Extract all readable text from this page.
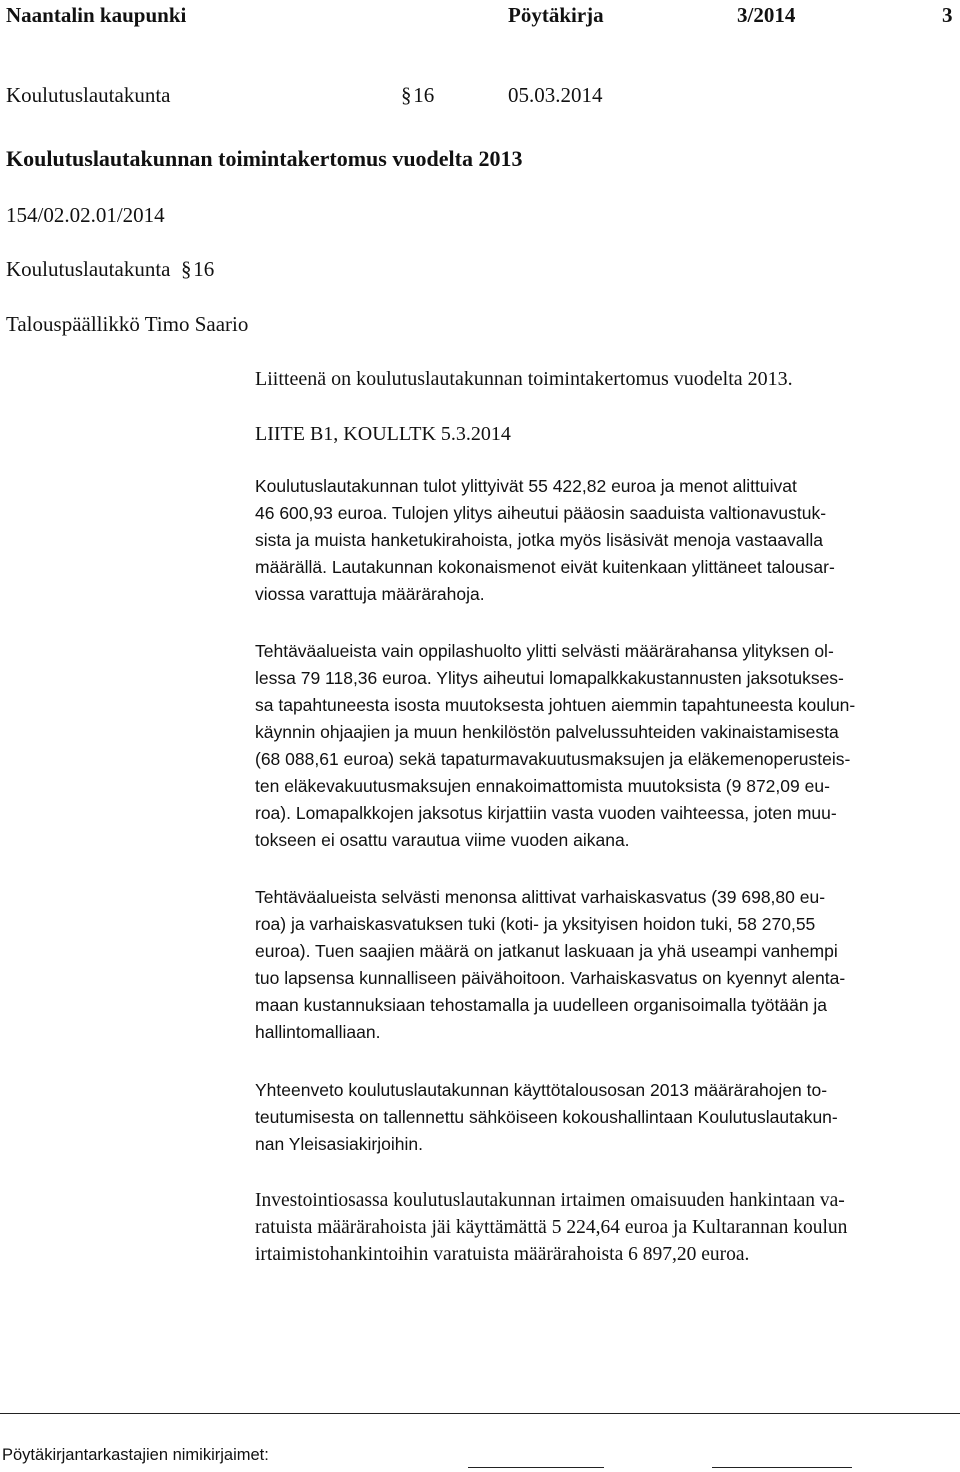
Naantalin kaupunki	Pöytäkirja	3/2014	3
Koulutuslautakunta	§ 16	05.03.2014
Koulutuslautakunnan toimintakertomus vuodelta 2013
154/02.02.01/2014
Koulutuslautakunta § 16
Talouspäällikkö Timo Saario
Liitteenä on koulutuslautakunnan toimintakertomus vuodelta 2013.
LIITE B1, KOULLTK 5.3.2014
Koulutuslautakunnan tulot ylittyivät 55 422,82 euroa ja menot alittuivat
46 600,93 euroa. Tulojen ylitys aiheutui pääosin saaduista valtionavustuk-
sista ja muista hanketukirahoista, jotka myös lisäsivät menoja vastaavalla
määrällä. Lautakunnan kokonaismenot eivät kuitenkaan ylittäneet talousar-
viossa varattuja määrärahoja.
Tehtäväalueista vain oppilashuolto ylitti selvästi määrärahansa ylityksen ol-
lessa 79 118,36 euroa. Ylitys aiheutui lomapalkkakustannusten jaksotukses-
sa tapahtuneesta isosta muutoksesta johtuen aiemmin tapahtuneesta koulun-
käynnin ohjaajien ja muun henkilöstön palvelussuhteiden vakinaistamisesta
(68 088,61 euroa) sekä tapaturmavakuutusmaksujen ja eläkemenoperusteis-
ten eläkevakuutusmaksujen ennakoimattomista muutoksista (9 872,09 eu-
roa). Lomapalkkojen jaksotus kirjattiin vasta vuoden vaihteessa, joten muu-
tokseen ei osattu varautua viime vuoden aikana.
Tehtäväalueista selvästi menonsa alittivat varhaiskasvatus (39 698,80 eu-
roa) ja varhaiskasvatuksen tuki (koti- ja yksityisen hoidon tuki, 58 270,55
euroa). Tuen saajien määrä on jatkanut laskuaan ja yhä useampi vanhempi
tuo lapsensa kunnalliseen päivähoitoon. Varhaiskasvatus on kyennyt alenta-
maan kustannuksiaan tehostamalla ja uudelleen organisoimalla työtään ja
hallintomalliaan.
Yhteenveto koulutuslautakunnan käyttötalousosan 2013 määrärahojen to-
teutumisesta on tallennettu sähköiseen kokoushallintaan Koulutuslautakun-
nan Yleisasiakirjoihin.
Investointiosassa koulutuslautakunnan irtaimen omaisuuden hankintaan va-
ratuista määrärahoista jäi käyttämättä 5 224,64 euroa ja Kultarannan koulun
irtaimistohankintoihin varatuista määrärahoista 6 897,20 euroa.
Pöytäkirjantarkastajien nimikirjaimet:
